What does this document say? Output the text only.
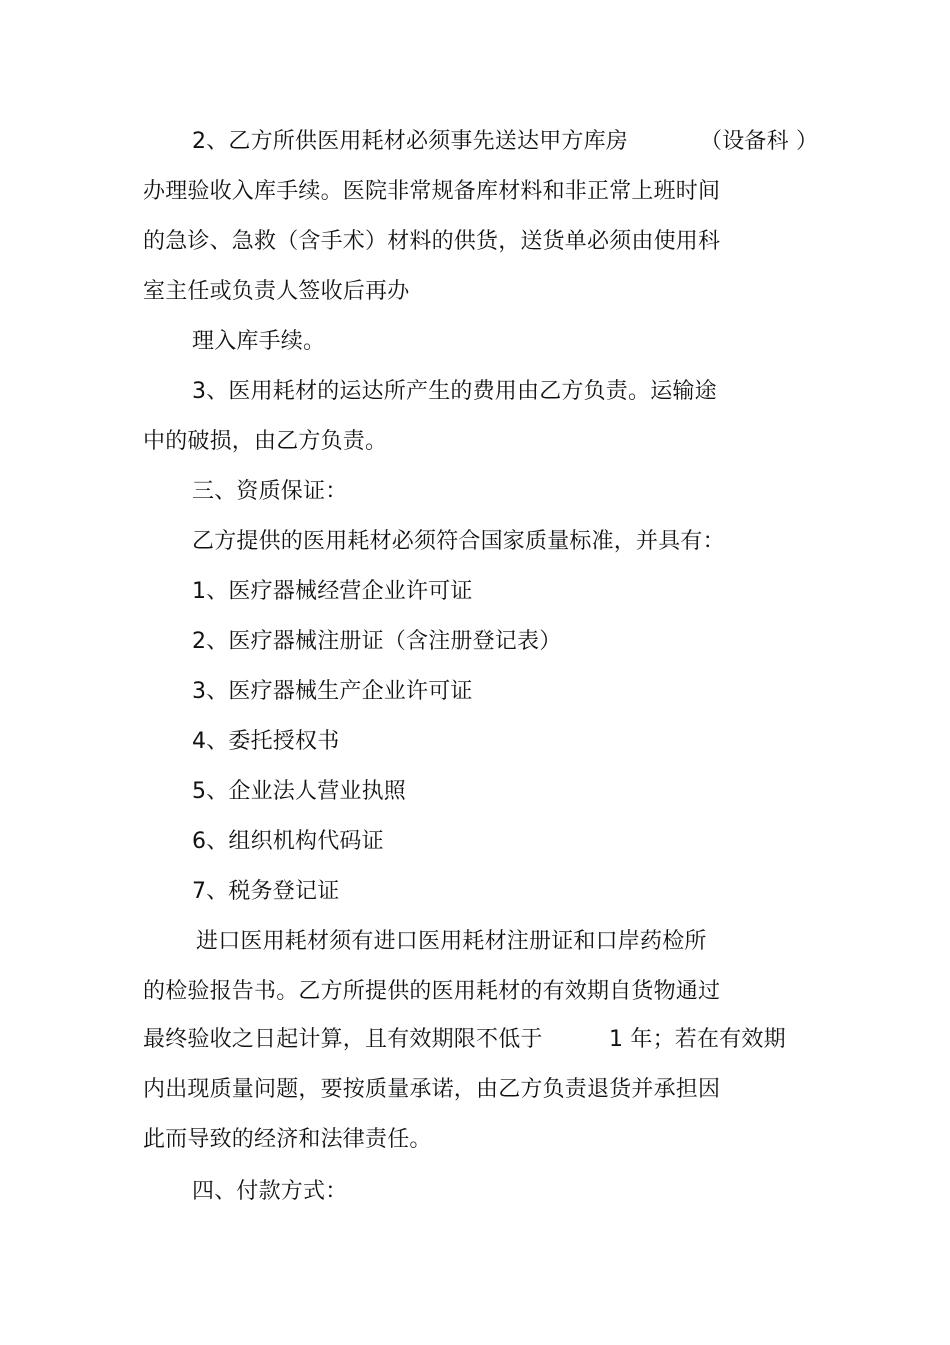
2、乙方所供医用耗材必须事先送达甲方库房	（设备科 ）
办理验收入库手续。医院非常规备库材料和非正常上班时间
的急诊、急救（含手术）材料的供货，送货单必须由使用科
室主任或负责人签收后再办
理入库手续。
3、医用耗材的运达所产生的费用由乙方负责。运输途
中的破损，由乙方负责。
三、资质保证：
乙方提供的医用耗材必须符合国家质量标准，并具有：
1、医疗器械经营企业许可证
2、医疗器械注册证（含注册登记表）
3、医疗器械生产企业许可证
4、委托授权书
5、企业法人营业执照
6、组织机构代码证
7、税务登记证
进口医用耗材须有进口医用耗材注册证和口岸药检所
的检验报告书。乙方所提供的医用耗材的有效期自货物通过
最终验收之日起计算，且有效期限不低于	1 年；若在有效期
内出现质量问题，要按质量承诺，由乙方负责退货并承担因
此而导致的经济和法律责任。
四、付款方式：
